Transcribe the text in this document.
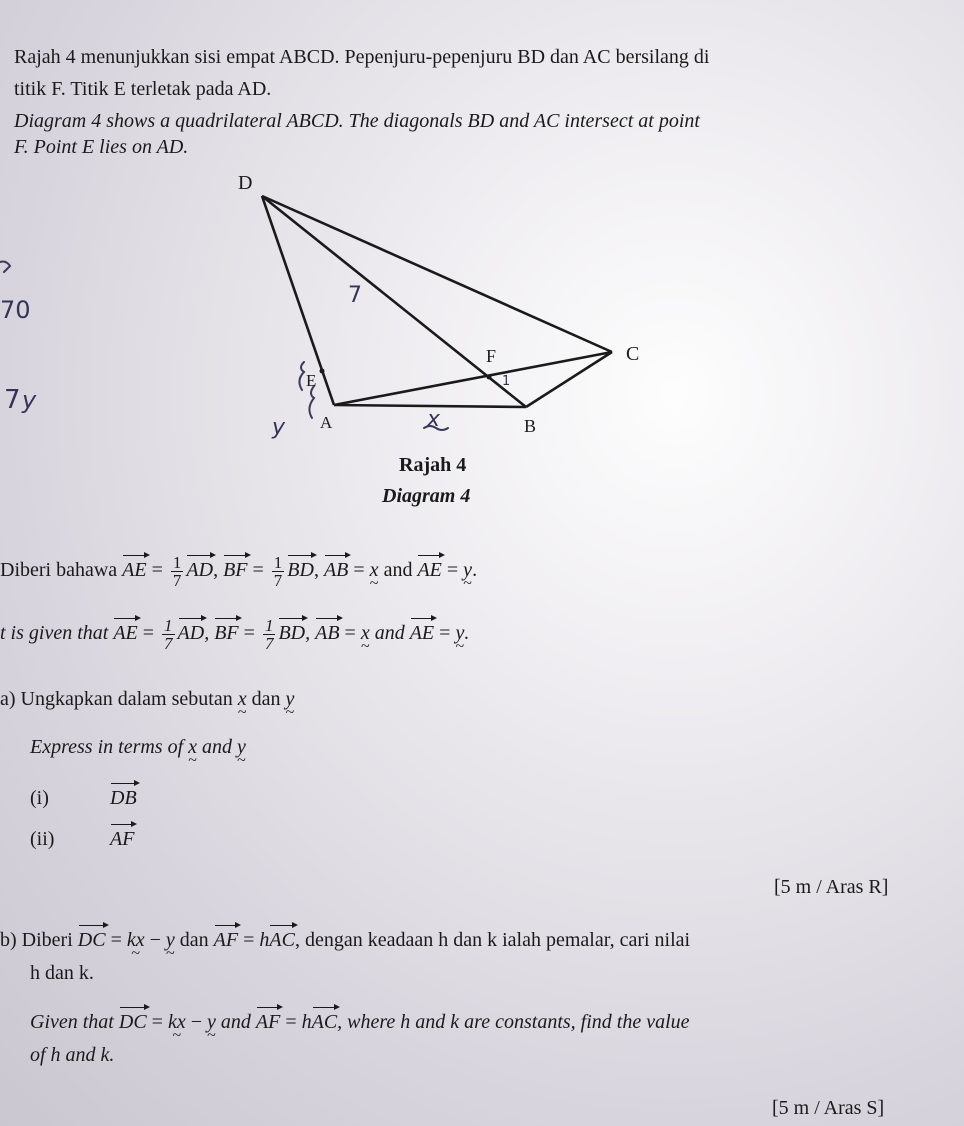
Rajah 4 menunjukkan sisi empat ABCD. Pepenjuru-pepenjuru BD dan AC bersilang di
titik F. Titik E terletak pada AD.
Diagram 4 shows a quadrilateral ABCD. The diagonals BD and AC intersect at point
F. Point E lies on AD.
D
C
F
E
A	B
Rajah 4
Diagram 4
7
1
70
7 y
y	x
Diberi bahawa AE = $\frac{1}{7}$ AD, BF = $\frac{1}{7}$ BD, AB = x ~ and AE = y ~.
t is given that AE = $\frac{1}{7}$ AD, BF = $\frac{1}{7}$ BD, AB = x ~ and AE = y ~.
a) Ungkapkan dalam sebutan x ~ dan y ~
Express in terms of x ~ and y ~
(i)	DB
(ii)	AF
[5 m / Aras R]
b) Diberi DC = kx ~ − y ~ dan AF = hAC, dengan keadaan h dan k ialah pemalar, cari nilai
h dan k.
Given that DC = kx ~ − y ~ and AF = hAC, where h and k are constants, find the value
of h and k.
[5 m / Aras S]
